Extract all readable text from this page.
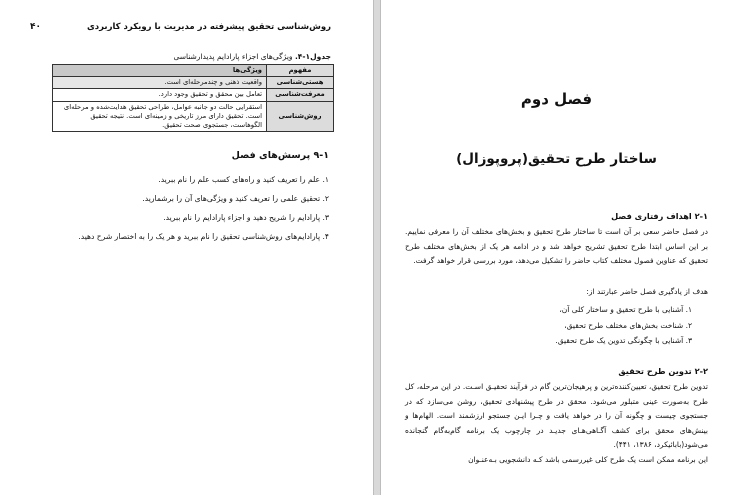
روش‌شناسی تحقیق پیشرفته در مدیریت با رویکرد کاربردی
۴۰
جدول۱-۴. ویژگی‌های اجزاء پارادایم پدیدارشناسی
مفهوم	ویژگی‌ها
هستی‌شناسی	واقعیت ذهنی و چندمرحله‌ای است.
معرفت‌شناسی	تعامل بین محقق و تحقیق وجود دارد.
روش‌شناسی	استقرایی حالت دو جانبه عوامل، طراحی تحقیق هدایت‌شده و مرحله‌ای است. تحقیق دارای مرز تاریخی و زمینه‌ای است. نتیجه تحقیق الگوهاست، جستجوی صحت تحقیق.
۹-۱ پرسش‌های فصل
۱. علم را تعریف کنید و راه‌های کسب علم را نام ببرید.
۲. تحقیق علمی را تعریف کنید و ویژگی‌های آن را برشمارید.
۳. پارادایم را شریح دهید و اجزاء پارادایم را نام ببرید.
۴. پارادایم‌های روش‌شناسی تحقیق را نام ببرید و هر یک را به اختصار شرح دهید.
فصل دوم
ساختار طرح تحقیق(پروپوزال)
۲-۱ اهداف رفتاری فصل

در فصل حاضر سعی بر آن است تا ساختار طرح تحقیق و بخش‌های مختلف آن را معرفی نماییم. بر این اساس ابتدا طرح تحقیق تشریح خواهد شد و در ادامه هر یک از بخش‌های مختلف طرح تحقیق که عناوین فصول مختلف کتاب حاضر را تشکیل می‌دهد، مورد بررسی قرار خواهد گرفت.

هدف از یادگیری فصل حاضر عبارتند از:

۱. آشنایی با طرح تحقیق و ساختار کلی آن،
۲. شناخت بخش‌های مختلف طرح تحقیق،
۳. آشنایی با چگونگی تدوین یک طرح تحقیق.
۲-۲ تدوین طرح تحقیق

تدوین طرح تحقیق، تعیین‌کننده‌ترین و پرهیجان‌ترین گام در فرآیند تحقیـق اسـت. در این مرحله، کل طرح به‌صورت عینی متبلور می‌شود. محقق در طرح پیشنهادی تحقیق، روشن می‌سازد که در جستجوی چیست و چگونه آن را در خواهد یافت و چـرا ایـن جستجو ارزشمند است. الهام‌ها و بینش‌های محقق برای کشف آگـاهی‌هـای جدیـد در چارچوب یک برنامه گام‌به‌گام گنجانده می‌شود(بابائیکرد، ۱۳۸۶، ۴۴۱).

این برنامه ممکن است یک طرح کلی غیررسمی باشد کـه دانشجویی بـه‌عنـوان
